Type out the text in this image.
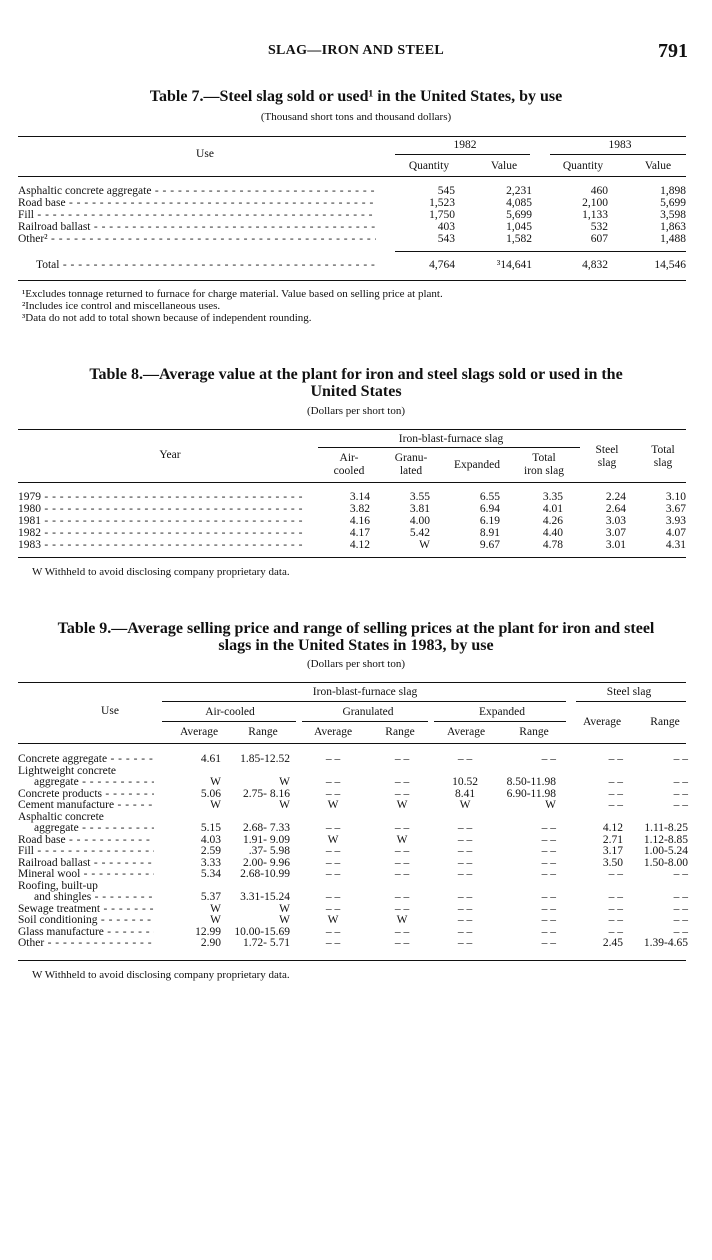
SLAG—IRON AND STEEL	791
Table 7.—Steel slag sold or used¹ in the United States, by use
(Thousand short tons and thousand dollars)
Use
1982	1983
Quantity	Value	Quantity	Value
Asphaltic concrete aggregate - - -	545	2,231	460	1,898
Road base - - -	1,523	4,085	2,100	5,699
Fill - - -	1,750	5,699	1,133	3,598
Railroad ballast - - -	403	1,045	532	1,863
Other² - - -	543	1,582	607	1,488
Total - - -	4,764	³14,641	4,832	14,546
¹Excludes tonnage returned to furnace for charge material. Value based on selling price at plant.
²Includes ice control and miscellaneous uses.
³Data do not add to total shown because of independent rounding.
Table 8.—Average value at the plant for iron and steel slags sold or used in the
United States
(Dollars per short ton)
Year
Iron-blast-furnace slag
Air-
cooled
Granu-
lated	Expanded
Total
iron slag
Steel
slag
Total
slag
1979 - - -	3.14	3.55	6.55	3.35	2.24	3.10
1980 - - -	3.82	3.81	6.94	4.01	2.64	3.67
1981 - - -	4.16	4.00	6.19	4.26	3.03	3.93
1982 - - -	4.17	5.42	8.91	4.40	3.07	4.07
1983 - - -	4.12	W	9.67	4.78	3.01	4.31
W Withheld to avoid disclosing company proprietary data.
Table 9.—Average selling price and range of selling prices at the plant for iron and steel
slags in the United States in 1983, by use
(Dollars per short ton)
Use
Iron-blast-furnace slag	Steel slag
Air-cooled	Granulated	Expanded
Average	Range	Average	Range	Average	Range
Average	Range
Concrete aggregate - - -	4.61 1.85-12.52	– –	– –	– –	– –	– –	– –
Lightweight concrete
aggregate - - -	W	W	– –	– –	10.52	8.50-11.98	– –	– –
Concrete products - - -	5.06 2.75- 8.16	– –	– –	8.41	6.90-11.98	– –	– –
Cement manufacture - - -	W	W	W	W	W	W	– –	– –
Asphaltic concrete
aggregate - - -	5.15 2.68- 7.33	– –	– –	– –	– –	4.12 1.11-8.25
Road base - - -	4.03 1.91- 9.09	W	W	– –	– –	2.71 1.12-8.85
Fill - - -	2.59 .37- 5.98	– –	– –	– –	– –	3.17 1.00-5.24
Railroad ballast - - -	3.33 2.00- 9.96	– –	– –	– –	– –	3.50 1.50-8.00
Mineral wool - - -	5.34 2.68-10.99	– –	– –	– –	– –	– –	– –
Roofing, built-up
and shingles - - -	5.37 3.31-15.24	– –	– –	– –	– –	– –	– –
Sewage treatment - - -	W	W	– –	– –	– –	– –	– –	– –
Soil conditioning - - -	W	W	W	W	– –	– –	– –	– –
Glass manufacture - - -	12.99 10.00-15.69	– –	– –	– –	– –	– –	– –
Other - - -	2.90 1.72- 5.71	– –	– –	– –	– –	2.45 1.39-4.65
W Withheld to avoid disclosing company proprietary data.
